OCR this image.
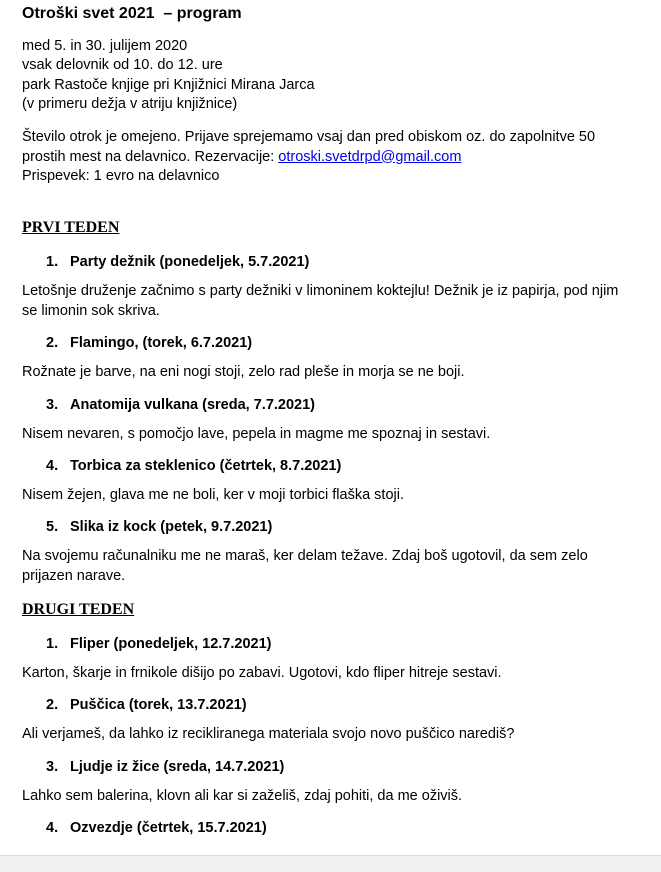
Otroški svet 2021  – program
med 5. in 30. julijem 2020
vsak delovnik od 10. do 12. ure
park Rastoče knjige pri Knjižnici Mirana Jarca
(v primeru dežja v atriju knjižnice)
Število otrok je omejeno. Prijave sprejemamo vsaj dan pred obiskom oz. do zapolnitve 50 prostih mest na delavnico. Rezervacije: otroski.svetdrpd@gmail.com
Prispevek: 1 evro na delavnico
PRVI TEDEN
1. Party dežnik (ponedeljek, 5.7.2021)
Letošnje druženje začnimo s party dežniki v limoninem koktejlu! Dežnik je iz papirja, pod njim se limonin sok skriva.
2. Flamingo, (torek, 6.7.2021)
Rožnate je barve, na eni nogi stoji, zelo rad pleše in morja se ne boji.
3. Anatomija vulkana (sreda, 7.7.2021)
Nisem nevaren, s pomočjo lave, pepela in magme me spoznaj in sestavi.
4. Torbica za steklenico (četrtek, 8.7.2021)
Nisem žejen, glava me ne boli, ker v moji torbici flaška stoji.
5. Slika iz kock (petek, 9.7.2021)
Na svojemu računalniku me ne maraš, ker delam težave. Zdaj boš ugotovil, da sem zelo prijazen narave.
DRUGI TEDEN
1. Fliper (ponedeljek, 12.7.2021)
Karton, škarje in frnikole dišijo po zabavi. Ugotovi, kdo fliper hitreje sestavi.
2. Puščica (torek, 13.7.2021)
Ali verjameš, da lahko iz recikliranega materiala svojo novo puščico narediš?
3. Ljudje iz žice (sreda, 14.7.2021)
Lahko sem balerina, klovn ali kar si zaželiš, zdaj pohiti, da me oživiš.
4. Ozvezdje (četrtek, 15.7.2021)
